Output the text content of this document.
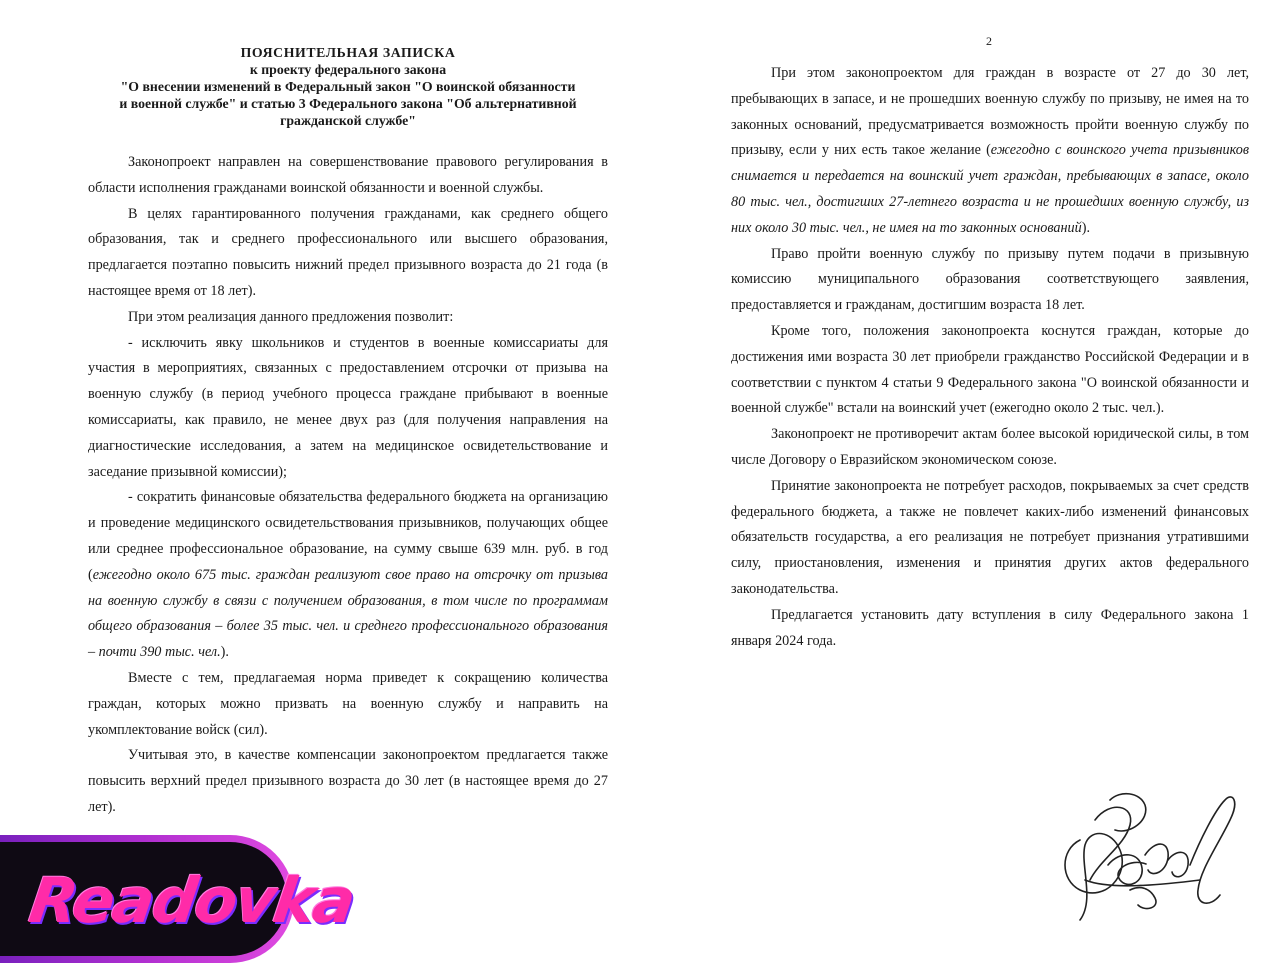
ПОЯСНИТЕЛЬНАЯ ЗАПИСКА
к проекту федерального закона
"О внесении изменений в Федеральный закон "О воинской обязанности
и военной службе" и статью 3 Федерального закона "Об альтернативной
гражданской службе"

Законопроект направлен на совершенствование правового регулирования в области исполнения гражданами воинской обязанности и военной службы.

В целях гарантированного получения гражданами, как среднего общего образования, так и среднего профессионального или высшего образования, предлагается поэтапно повысить нижний предел призывного возраста до 21 года (в настоящее время от 18 лет).

При этом реализация данного предложения позволит:

- исключить явку школьников и студентов в военные комиссариаты для участия в мероприятиях, связанных с предоставлением отсрочки от призыва на военную службу (в период учебного процесса граждане прибывают в военные комиссариаты, как правило, не менее двух раз (для получения направления на диагностические исследования, а затем на медицинское освидетельствование и заседание призывной комиссии);

- сократить финансовые обязательства федерального бюджета на организацию и проведение медицинского освидетельствования призывников, получающих общее или среднее профессиональное образование, на сумму свыше 639 млн. руб. в год (ежегодно около 675 тыс. граждан реализуют свое право на отсрочку от призыва на военную службу в связи с получением образования, в том числе по программам общего образования – более 35 тыс. чел. и среднего профессионального образования – почти 390 тыс. чел.).

Вместе с тем, предлагаемая норма приведет к сокращению количества граждан, которых можно призвать на военную службу и направить на укомплектование войск (сил).

Учитывая это, в качестве компенсации законопроектом предлагается также повысить верхний предел призывного возраста до 30 лет (в настоящее время до 27 лет).

2

При этом законопроектом для граждан в возрасте от 27 до 30 лет, пребывающих в запасе, и не прошедших военную службу по призыву, не имея на то законных оснований, предусматривается возможность пройти военную службу по призыву, если у них есть такое желание (ежегодно с воинского учета призывников снимается и передается на воинский учет граждан, пребывающих в запасе, около 80 тыс. чел., достигших 27-летнего возраста и не прошедших военную службу, из них около 30 тыс. чел., не имея на то законных оснований).

Право пройти военную службу по призыву путем подачи в призывную комиссию муниципального образования соответствующего заявления, предоставляется и гражданам, достигшим возраста 18 лет.

Кроме того, положения законопроекта коснутся граждан, которые до достижения ими возраста 30 лет приобрели гражданство Российской Федерации и в соответствии с пунктом 4 статьи 9 Федерального закона "О воинской обязанности и военной службе" встали на воинский учет (ежегодно около 2 тыс. чел.).

Законопроект не противоречит актам более высокой юридической силы, в том числе Договору о Евразийском экономическом союзе.

Принятие законопроекта не потребует расходов, покрываемых за счет средств федерального бюджета, а также не повлечет каких-либо изменений финансовых обязательств государства, а его реализация не потребует признания утратившими силу, приостановления, изменения и принятия других актов федерального законодательства.

Предлагается установить дату вступления в силу Федерального закона 1 января 2024 года.

Readovka
